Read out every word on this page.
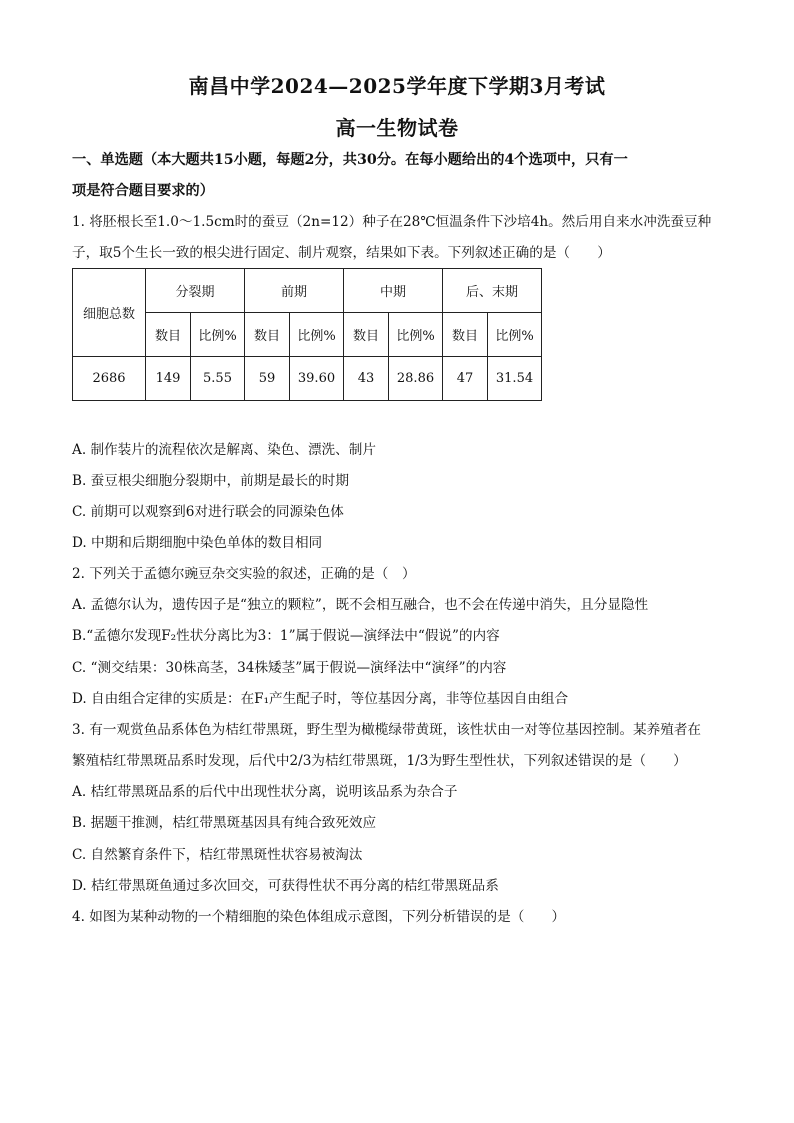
南昌中学2024—2025学年度下学期3月考试
高一生物试卷
一、单选题（本大题共15小题，每题2分，共30分。在每小题给出的4个选项中，只有一
项是符合题目要求的）
1. 将胚根长至1.0～1.5cm时的蚕豆（2n=12）种子在28℃恒温条件下沙培4h。然后用自来水冲洗蚕豆种
子，取5个生长一致的根尖进行固定、制片观察，结果如下表。下列叙述正确的是（　　）
细胞总数	分裂期		前期		中期		后、末期	
	数目	比例%	数目	比例%	数目	比例%	数目	比例%
2686	149	5.55	59	39.60	43	28.86	47	31.54
A. 制作装片的流程依次是解离、染色、漂洗、制片
B. 蚕豆根尖细胞分裂期中，前期是最长的时期
C. 前期可以观察到6对进行联会的同源染色体
D. 中期和后期细胞中染色单体的数目相同
2. 下列关于孟德尔豌豆杂交实验的叙述，正确的是（　）
A. 孟德尔认为，遗传因子是“独立的颗粒”，既不会相互融合，也不会在传递中消失，且分显隐性
B.“孟德尔发现F₂性状分离比为3：1”属于假说—演绎法中“假说”的内容
C. “测交结果：30株高茎，34株矮茎”属于假说—演绎法中“演绎”的内容
D. 自由组合定律的实质是：在F₁产生配子时，等位基因分离，非等位基因自由组合
3. 有一观赏鱼品系体色为桔红带黑斑，野生型为橄榄绿带黄斑，该性状由一对等位基因控制。某养殖者在
繁殖桔红带黑斑品系时发现，后代中2/3为桔红带黑斑，1/3为野生型性状，下列叙述错误的是（　　）
A. 桔红带黑斑品系的后代中出现性状分离，说明该品系为杂合子
B. 据题干推测，桔红带黑斑基因具有纯合致死效应
C. 自然繁育条件下，桔红带黑斑性状容易被淘汰
D. 桔红带黑斑鱼通过多次回交，可获得性状不再分离的桔红带黑斑品系
4. 如图为某种动物的一个精细胞的染色体组成示意图，下列分析错误的是（　　）
